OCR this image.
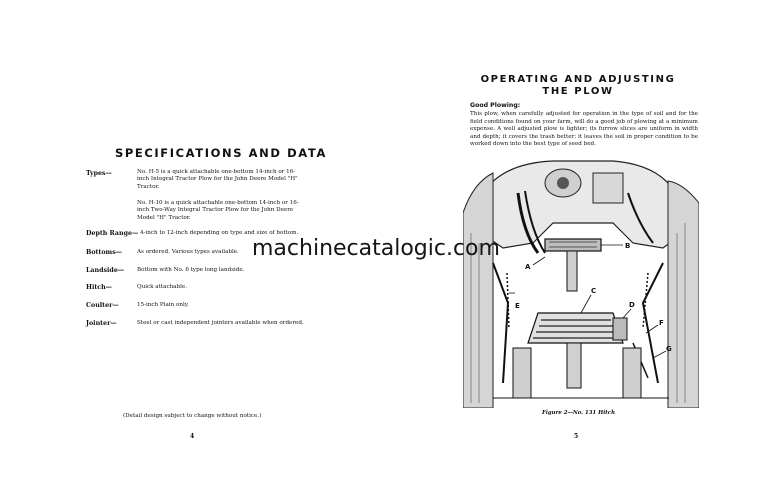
SPECIFICATIONS AND DATA
Types—	No. H-5 is a quick attachable one-bottom 14-inch or 16-inch Integral Tractor Plow for the John Deere Model "H" Tractor.
No. H-10 is a quick attachable one-bottom 14-inch or 16-inch Two-Way Integral Tractor Plow for the John Deere Model "H" Tractor.
Depth Range— 4-inch to 12-inch depending on type and size of bottom.
Bottoms—	As ordered. Various types available.
Landside— Bottom with No. 6 type long landside.
Hitch—	Quick attachable.
Coulter—	15-inch Plain only.
Jointer—	Steel or cast independent jointers available when ordered.
(Detail design subject to change without notice.)
4
OPERATING AND ADJUSTING
THE PLOW
Good Plowing:
This plow, when carefully adjusted for operation in the type of soil and for the field conditions found on your farm, will do a good job of plowing at a minimum expense. A well adjusted plow is lighter; its furrow slices are uniform in width and depth; it covers the trash better; it leaves the soil in proper condition to be worked down into the best type of seed bed.
B
A
E
C
D
F
G
Figure 2—No. 131 Hitch
5
machinecatalogic.com
